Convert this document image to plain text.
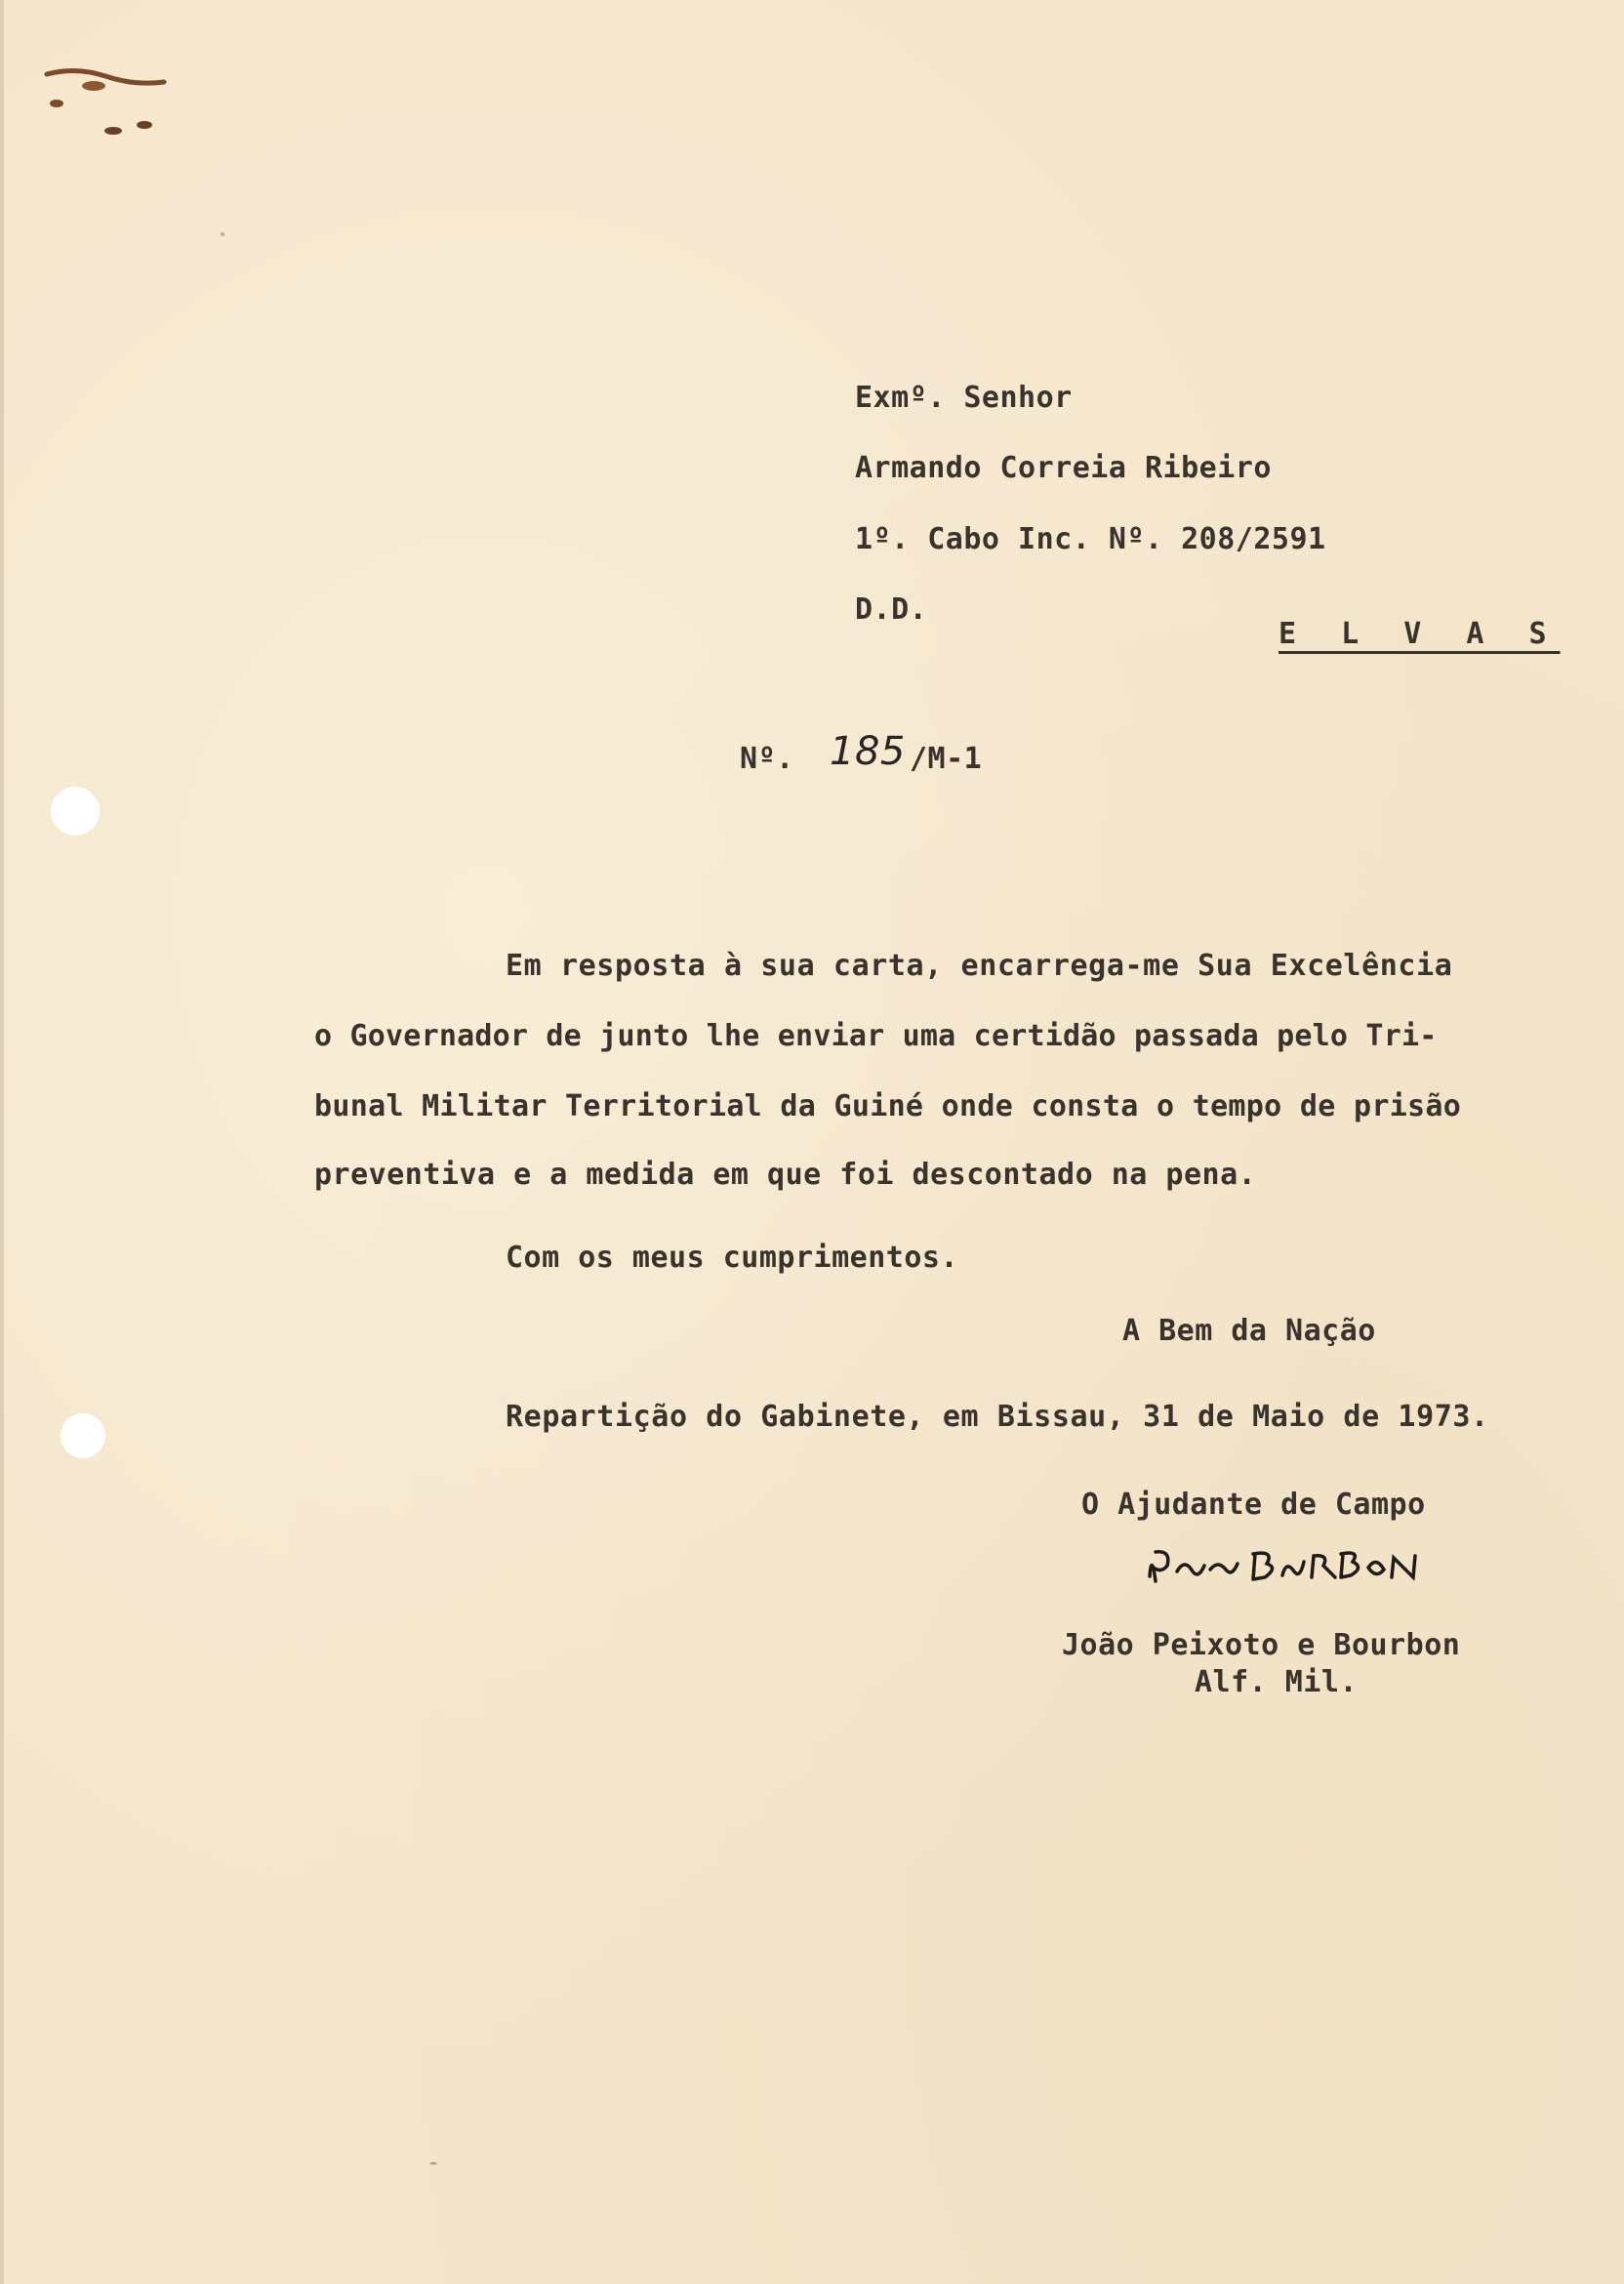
Exmº. Senhor
Armando Correia Ribeiro
1º. Cabo Inc. Nº. 208/2591
D.D.
E L V A S
Nº. 185 /M-1
Em resposta à sua carta, encarrega-me Sua Excelência
o Governador de junto lhe enviar uma certidão passada pelo Tri-
bunal Militar Territorial da Guiné onde consta o tempo de prisão
preventiva e a medida em que foi descontado na pena.
Com os meus cumprimentos.
A Bem da Nação
Repartição do Gabinete, em Bissau, 31 de Maio de 1973.
O Ajudante de Campo
João Peixoto e Bourbon
Alf. Mil.
